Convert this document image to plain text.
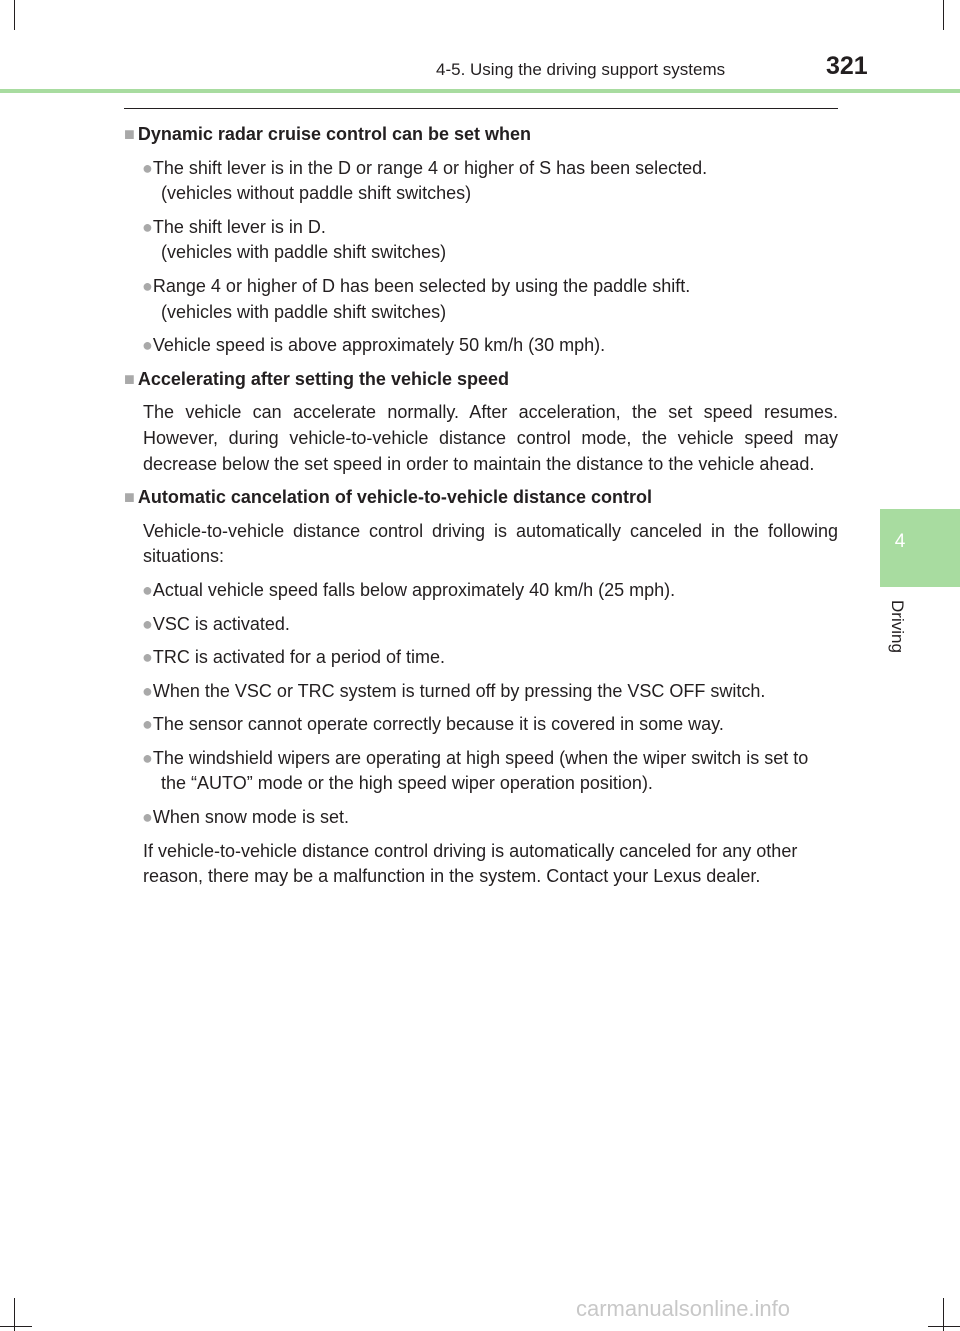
4-5. Using the driving support systems	321
4
Driving
■ Dynamic radar cruise control can be set when
●The shift lever is in the D or range 4 or higher of S has been selected.
(vehicles without paddle shift switches)
●The shift lever is in D.
(vehicles with paddle shift switches)
●Range 4 or higher of D has been selected by using the paddle shift.
(vehicles with paddle shift switches)
●Vehicle speed is above approximately 50 km/h (30 mph).
■ Accelerating after setting the vehicle speed
The vehicle can accelerate normally. After acceleration, the set speed resumes. However, during vehicle-to-vehicle distance control mode, the vehicle speed may decrease below the set speed in order to maintain the distance to the vehicle ahead.
■ Automatic cancelation of vehicle-to-vehicle distance control
Vehicle-to-vehicle distance control driving is automatically canceled in the following situations:
●Actual vehicle speed falls below approximately 40 km/h (25 mph).
●VSC is activated.
●TRC is activated for a period of time.
●When the VSC or TRC system is turned off by pressing the VSC OFF switch.
●The sensor cannot operate correctly because it is covered in some way.
●The windshield wipers are operating at high speed (when the wiper switch is set to the “AUTO” mode or the high speed wiper operation position).
●When snow mode is set.
If vehicle-to-vehicle distance control driving is automatically canceled for any other reason, there may be a malfunction in the system. Contact your Lexus dealer.
carmanualsonline.info
